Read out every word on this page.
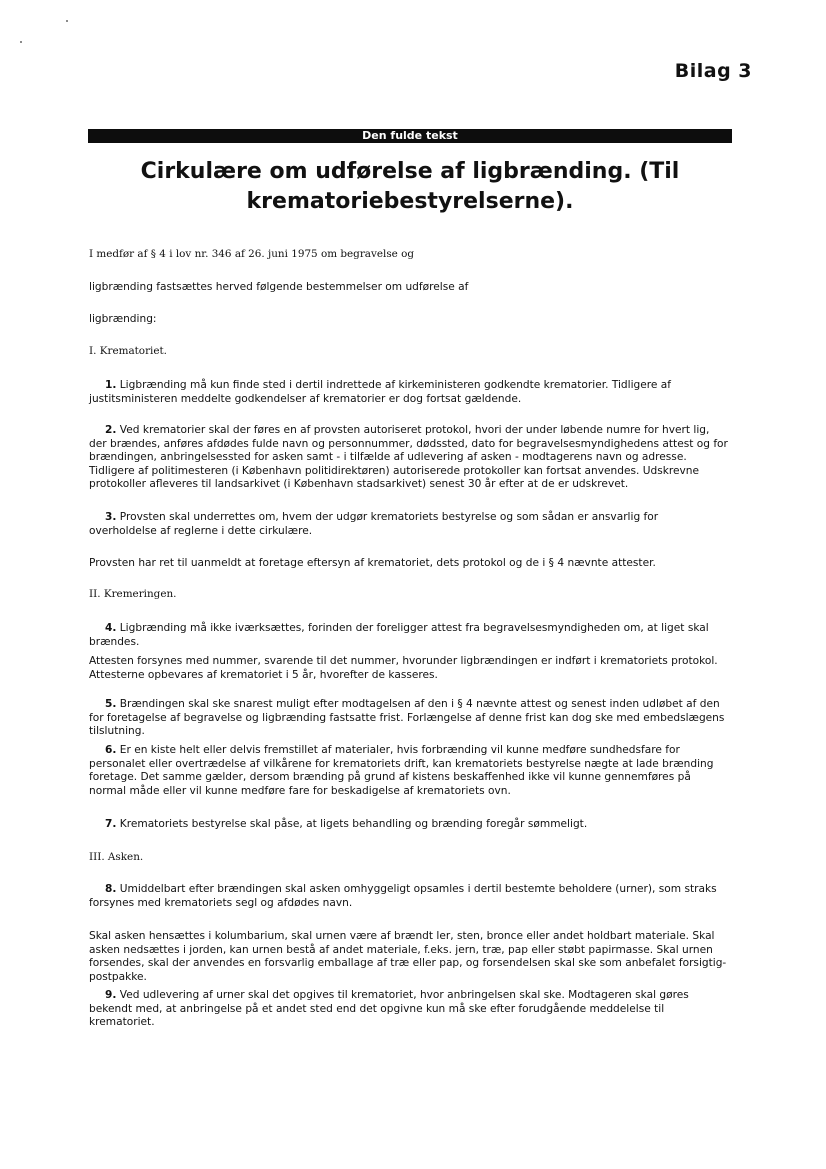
Bilag 3
Den fulde tekst
Cirkulære om udførelse af ligbrænding. (Til
krematoriebestyrelserne).
I medfør af § 4 i lov nr. 346 af 26. juni 1975 om begravelse og
ligbrænding fastsættes herved følgende bestemmelser om udførelse af
ligbrænding:
I. Krematoriet.
1. Ligbrænding må kun finde sted i dertil indrettede af kirkeministeren godkendte krematorier. Tidligere af justitsministeren meddelte godkendelser af krematorier er dog fortsat gældende.
2. Ved krematorier skal der føres en af provsten autoriseret protokol, hvori der under løbende numre for hvert lig, der brændes, anføres afdødes fulde navn og personnummer, dødssted, dato for begravelsesmyndighedens attest og for brændingen, anbringelsessted for asken samt - i tilfælde af udlevering af asken - modtagerens navn og adresse. Tidligere af politimesteren (i København politidirektøren) autoriserede protokoller kan fortsat anvendes. Udskrevne protokoller afleveres til landsarkivet (i København stadsarkivet) senest 30 år efter at de er udskrevet.
3. Provsten skal underrettes om, hvem der udgør krematoriets bestyrelse og som sådan er ansvarlig for overholdelse af reglerne i dette cirkulære.
Provsten har ret til uanmeldt at foretage eftersyn af krematoriet, dets protokol og de i § 4 nævnte attester.
II. Kremeringen.
4. Ligbrænding må ikke iværksættes, forinden der foreligger attest fra begravelsesmyndigheden om, at liget skal brændes.
Attesten forsynes med nummer, svarende til det nummer, hvorunder ligbrændingen er indført i krematoriets protokol. Attesterne opbevares af krematoriet i 5 år, hvorefter de kasseres.
5. Brændingen skal ske snarest muligt efter modtagelsen af den i § 4 nævnte attest og senest inden udløbet af den for foretagelse af begravelse og ligbrænding fastsatte frist. Forlængelse af denne frist kan dog ske med embedslægens tilslutning.
6. Er en kiste helt eller delvis fremstillet af materialer, hvis forbrænding vil kunne medføre sundhedsfare for personalet eller overtrædelse af vilkårene for krematoriets drift, kan krematoriets bestyrelse nægte at lade brænding foretage. Det samme gælder, dersom brænding på grund af kistens beskaffenhed ikke vil kunne gennemføres på normal måde eller vil kunne medføre fare for beskadigelse af krematoriets ovn.
7. Krematoriets bestyrelse skal påse, at ligets behandling og brænding foregår sømmeligt.
III. Asken.
8. Umiddelbart efter brændingen skal asken omhyggeligt opsamles i dertil bestemte beholdere (urner), som straks forsynes med krematoriets segl og afdødes navn.
Skal asken hensættes i kolumbarium, skal urnen være af brændt ler, sten, bronce eller andet holdbart materiale. Skal asken nedsættes i jorden, kan urnen bestå af andet materiale, f.eks. jern, træ, pap eller støbt papirmasse. Skal urnen forsendes, skal der anvendes en forsvarlig emballage af træ eller pap, og forsendelsen skal ske som anbefalet forsigtig-postpakke.
9. Ved udlevering af urner skal det opgives til krematoriet, hvor anbringelsen skal ske. Modtageren skal gøres bekendt med, at anbringelse på et andet sted end det opgivne kun må ske efter forudgående meddelelse til krematoriet.
